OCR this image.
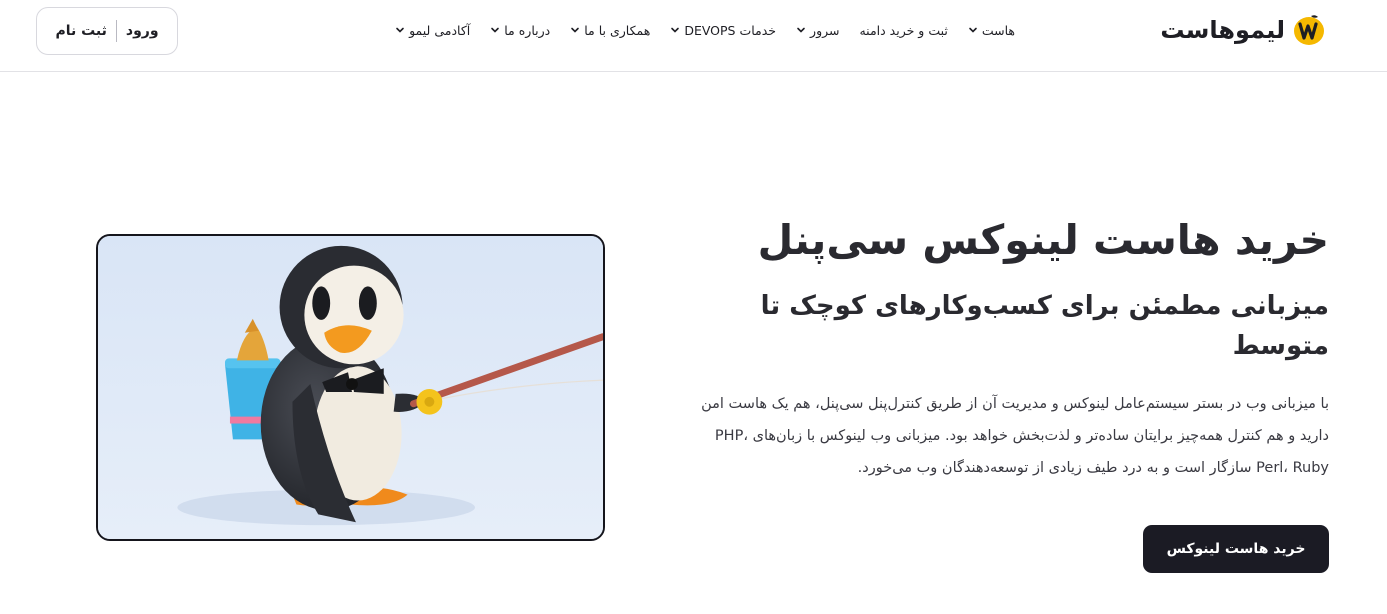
لیموهاست
هاست
ثبت و خرید دامنه
سرور
خدمات DEVOPS
همکاری با ما
درباره ما
آکادمی لیمو
ورود
ثبت نام
خرید هاست لینوکس سی‌پنل
میزبانی مطمئن برای کسب‌وکارهای کوچک تا متوسط

با میزبانی وب در بستر سیستم‌عامل لینوکس و مدیریت آن از طریق کنترل‌پنل سی‌پنل، هم یک هاست امن دارید و هم کنترل همه‌چیز برایتان ساده‌تر و لذت‌بخش خواهد بود. میزبانی وب لینوکس با زبان‌های PHP، Perl، Ruby سازگار است و به درد طیف زیادی از توسعه‌دهندگان وب می‌خورد.

خرید هاست لینوکس
